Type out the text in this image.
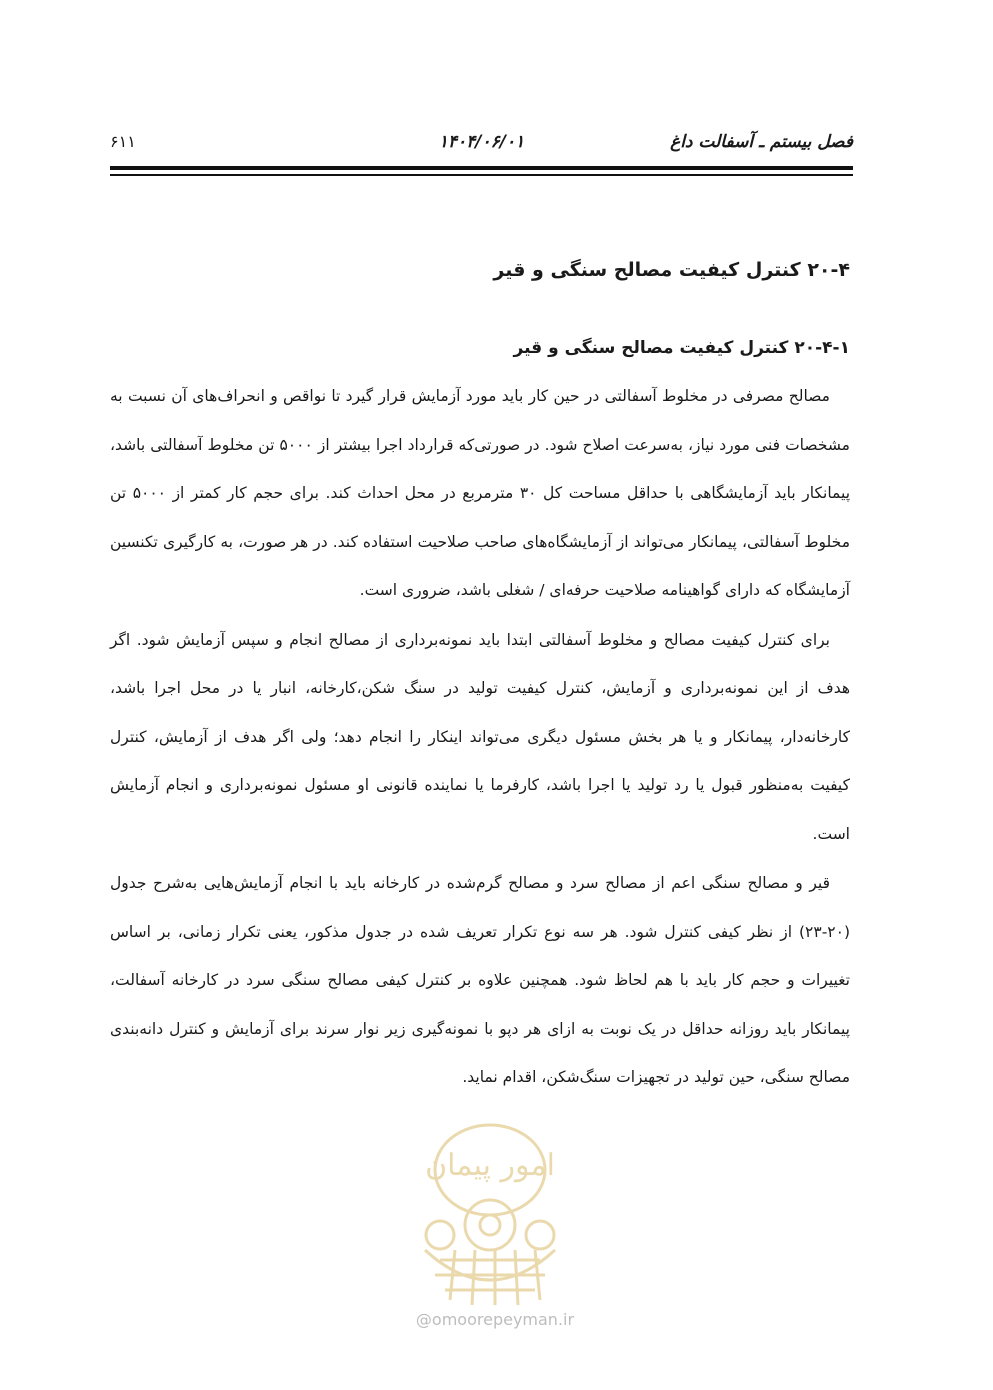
فصل بیستم ـ آسفالت داغ
۱۴۰۴/۰۶/۰۱
۶۱۱
۲۰-۴ کنترل کیفیت مصالح سنگی و قیر
۲۰-۴-۱ کنترل کیفیت مصالح سنگی و قیر

مصالح مصرفی در مخلوط آسفالتی در حین کار باید مورد آزمایش قرار گیرد تا نواقص و انحراف‌های آن نسبت به مشخصات فنی مورد نیاز، به‌سرعت اصلاح شود. در صورتی‌که قرارداد اجرا بیشتر از ۵۰۰۰ تن مخلوط آسفالتی باشد، پیمانکار باید آزمایشگاهی با حداقل مساحت کل ۳۰ مترمربع در محل احداث کند. برای حجم کار کمتر از ۵۰۰۰ تن مخلوط آسفالتی، پیمانکار می‌تواند از آزمایشگاه‌های صاحب صلاحیت استفاده کند. در هر صورت، به کارگیری تکنسین آزمایشگاه که دارای گواهینامه صلاحیت حرفه‌ای / شغلی باشد، ضروری است.

برای کنترل کیفیت مصالح و مخلوط آسفالتی ابتدا باید نمونه‌برداری از مصالح انجام و سپس آزمایش شود. اگر هدف از این نمونه‌برداری و آزمایش، کنترل کیفیت تولید در سنگ شکن،کارخانه، انبار یا در محل اجرا باشد، کارخانه‌دار، پیمانکار و یا هر بخش مسئول دیگری می‌تواند اینکار را انجام دهد؛ ولی اگر هدف از آزمایش، کنترل کیفیت به‌منظور قبول یا رد تولید یا اجرا باشد، کارفرما یا نماینده قانونی او مسئول نمونه‌برداری و انجام آزمایش است.

قیر و مصالح سنگی اعم از مصالح سرد و مصالح گرم‌شده در کارخانه باید با انجام آزمایش‌هایی به‌شرح جدول (۲۰-۲۳) از نظر کیفی کنترل شود. هر سه نوع تکرار تعریف شده در جدول مذکور، یعنی تکرار زمانی، بر اساس تغییرات و حجم کار باید با هم لحاظ شود. همچنین علاوه بر کنترل کیفی مصالح سنگی سرد در کارخانه آسفالت، پیمانکار باید روزانه حداقل در یک نوبت به ازای هر دپو با نمونه‌گیری زیر نوار سرند برای آزمایش و کنترل دانه‌بندی مصالح سنگی، حین تولید در تجهیزات سنگ‌شکن، اقدام نماید.

امور پیمان
@omoorepeyman.ir
